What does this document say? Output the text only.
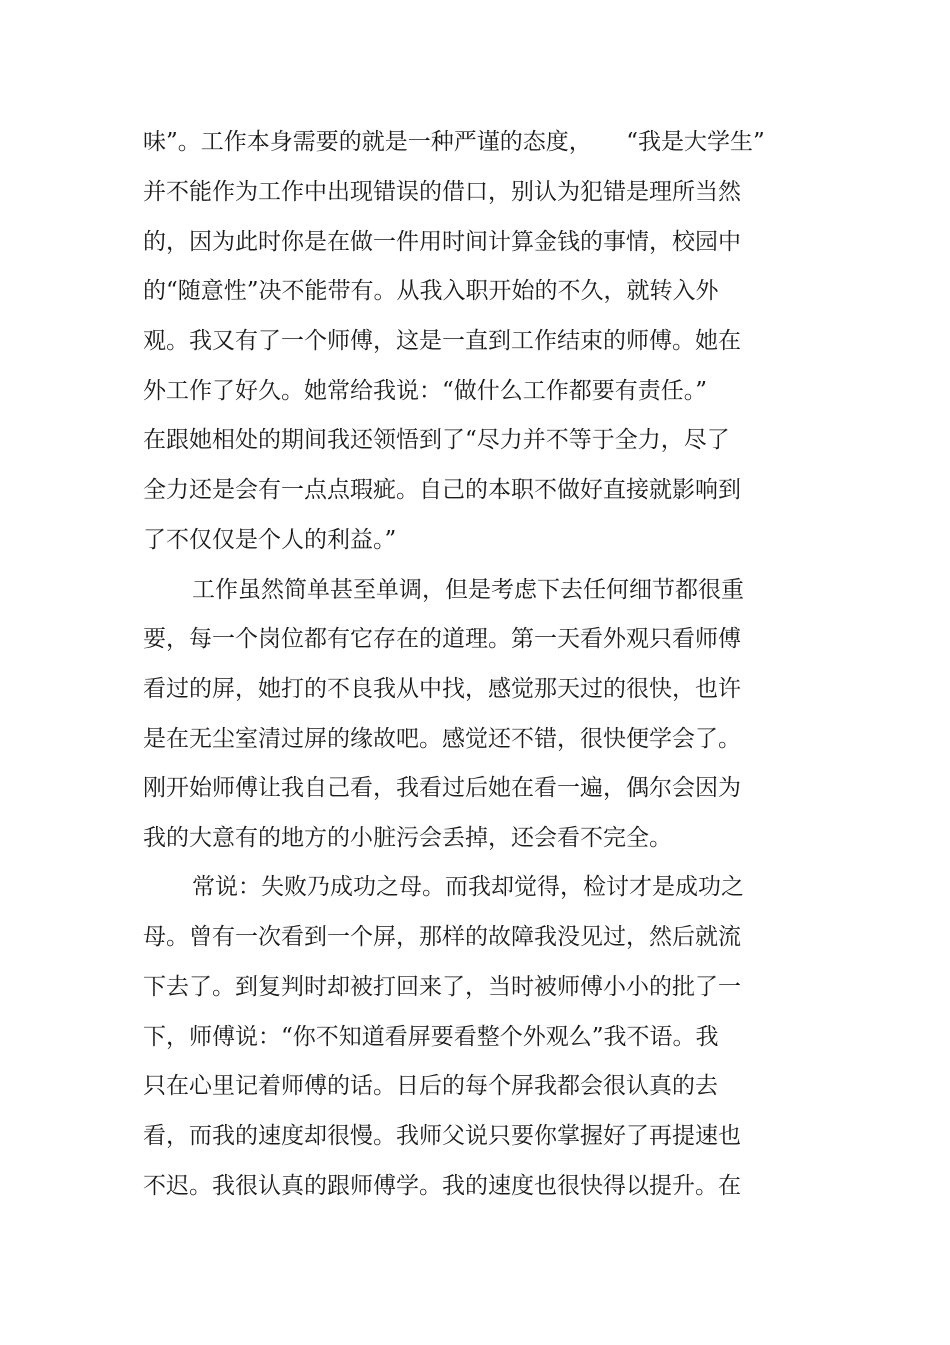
味”。工作本身需要的就是一种严谨的态度，　　“我是大学生”
并不能作为工作中出现错误的借口，别认为犯错是理所当然
的，因为此时你是在做一件用时间计算金钱的事情，校园中
的“随意性”决不能带有。从我入职开始的不久，就转入外
观。我又有了一个师傅，这是一直到工作结束的师傅。她在
外工作了好久。她常给我说：“做什么工作都要有责任。”
在跟她相处的期间我还领悟到了“尽力并不等于全力，尽了
全力还是会有一点点瑕疵。自己的本职不做好直接就影响到
了不仅仅是个人的利益。”
工作虽然简单甚至单调，但是考虑下去任何细节都很重
要，每一个岗位都有它存在的道理。第一天看外观只看师傅
看过的屏，她打的不良我从中找，感觉那天过的很快，也许
是在无尘室清过屏的缘故吧。感觉还不错，很快便学会了。
刚开始师傅让我自己看，我看过后她在看一遍，偶尔会因为
我的大意有的地方的小脏污会丢掉，还会看不完全。
常说：失败乃成功之母。而我却觉得，检讨才是成功之
母。曾有一次看到一个屏，那样的故障我没见过，然后就流
下去了。到复判时却被打回来了，当时被师傅小小的批了一
下，师傅说：“你不知道看屏要看整个外观么”我不语。我
只在心里记着师傅的话。日后的每个屏我都会很认真的去
看，而我的速度却很慢。我师父说只要你掌握好了再提速也
不迟。我很认真的跟师傅学。我的速度也很快得以提升。在
